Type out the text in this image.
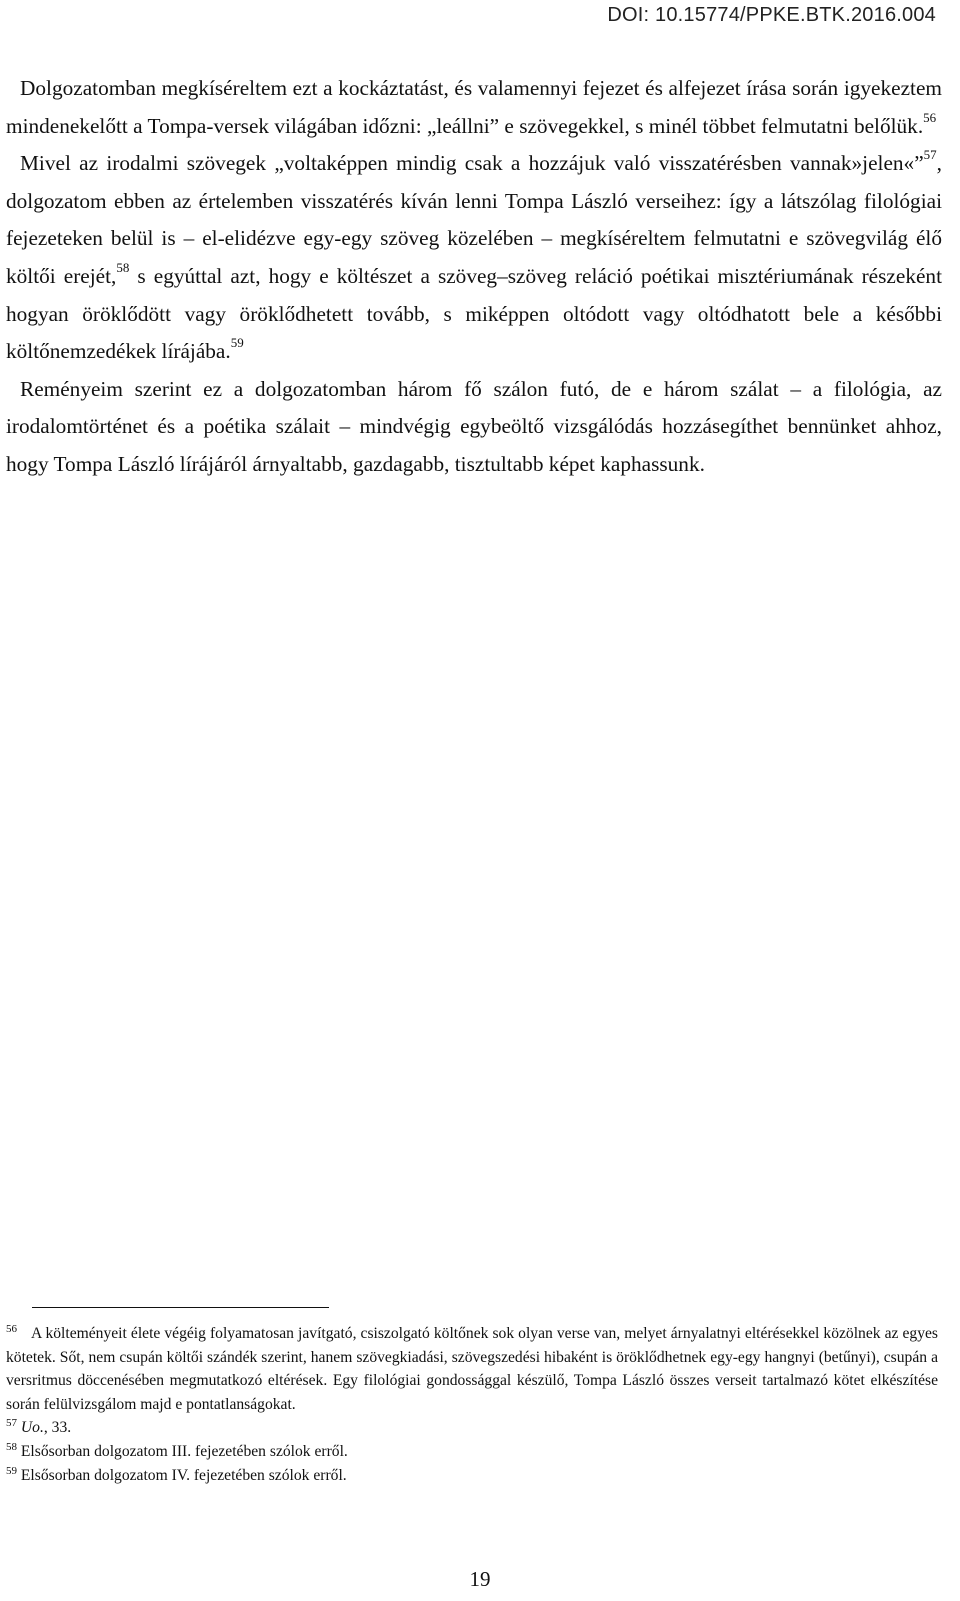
DOI: 10.15774/PPKE.BTK.2016.004

Dolgozatomban megkíséreltem ezt a kockáztatást, és valamennyi fejezet és alfejezet írása során igyekeztem mindenekelőtt a Tompa-versek világában időzni: „leállni” e szövegekkel, s minél többet felmutatni belőlük.$^{56}$

Mivel az irodalmi szövegek „voltaképpen mindig csak a hozzájuk való visszatérésben vannak»jelen«”$^{57}$, dolgozatom ebben az értelemben visszatérés kíván lenni Tompa László verseihez: így a látszólag filológiai fejezeteken belül is – el-elidézve egy-egy szöveg közelében – megkíséreltem felmutatni e szövegvilág élő költői erejét,$^{58}$ s egyúttal azt, hogy e költészet a szöveg–szöveg reláció poétikai misztériumának részeként hogyan öröklődött vagy öröklődhetett tovább, s miképpen oltódott vagy oltódhatott bele a későbbi költőnemzedékek lírájába.$^{59}$

Reményeim szerint ez a dolgozatomban három fő szálon futó, de e három szálat – a filológia, az irodalomtörténet és a poétika szálait – mindvégig egybeöltő vizsgálódás hozzásegíthet bennünket ahhoz, hogy Tompa László lírájáról árnyaltabb, gazdagabb, tisztultabb képet kaphassunk.

$^{56}$ A költeményeit élete végéig folyamatosan javítgató, csiszolgató költőnek sok olyan verse van, melyet árnyalatnyi eltérésekkel közölnek az egyes kötetek. Sőt, nem csupán költői szándék szerint, hanem szövegkiadási, szövegszedési hibaként is öröklődhetnek egy-egy hangnyi (betűnyi), csupán a versritmus döccenésében megmutatkozó eltérések. Egy filológiai gondossággal készülő, Tompa László összes verseit tartalmazó kötet elkészítése során felülvizsgálom majd e pontatlanságokat.

$^{57}$ Uo., 33.

$^{58}$ Elsősorban dolgozatom III. fejezetében szólok erről.

$^{59}$ Elsősorban dolgozatom IV. fejezetében szólok erről.

19
